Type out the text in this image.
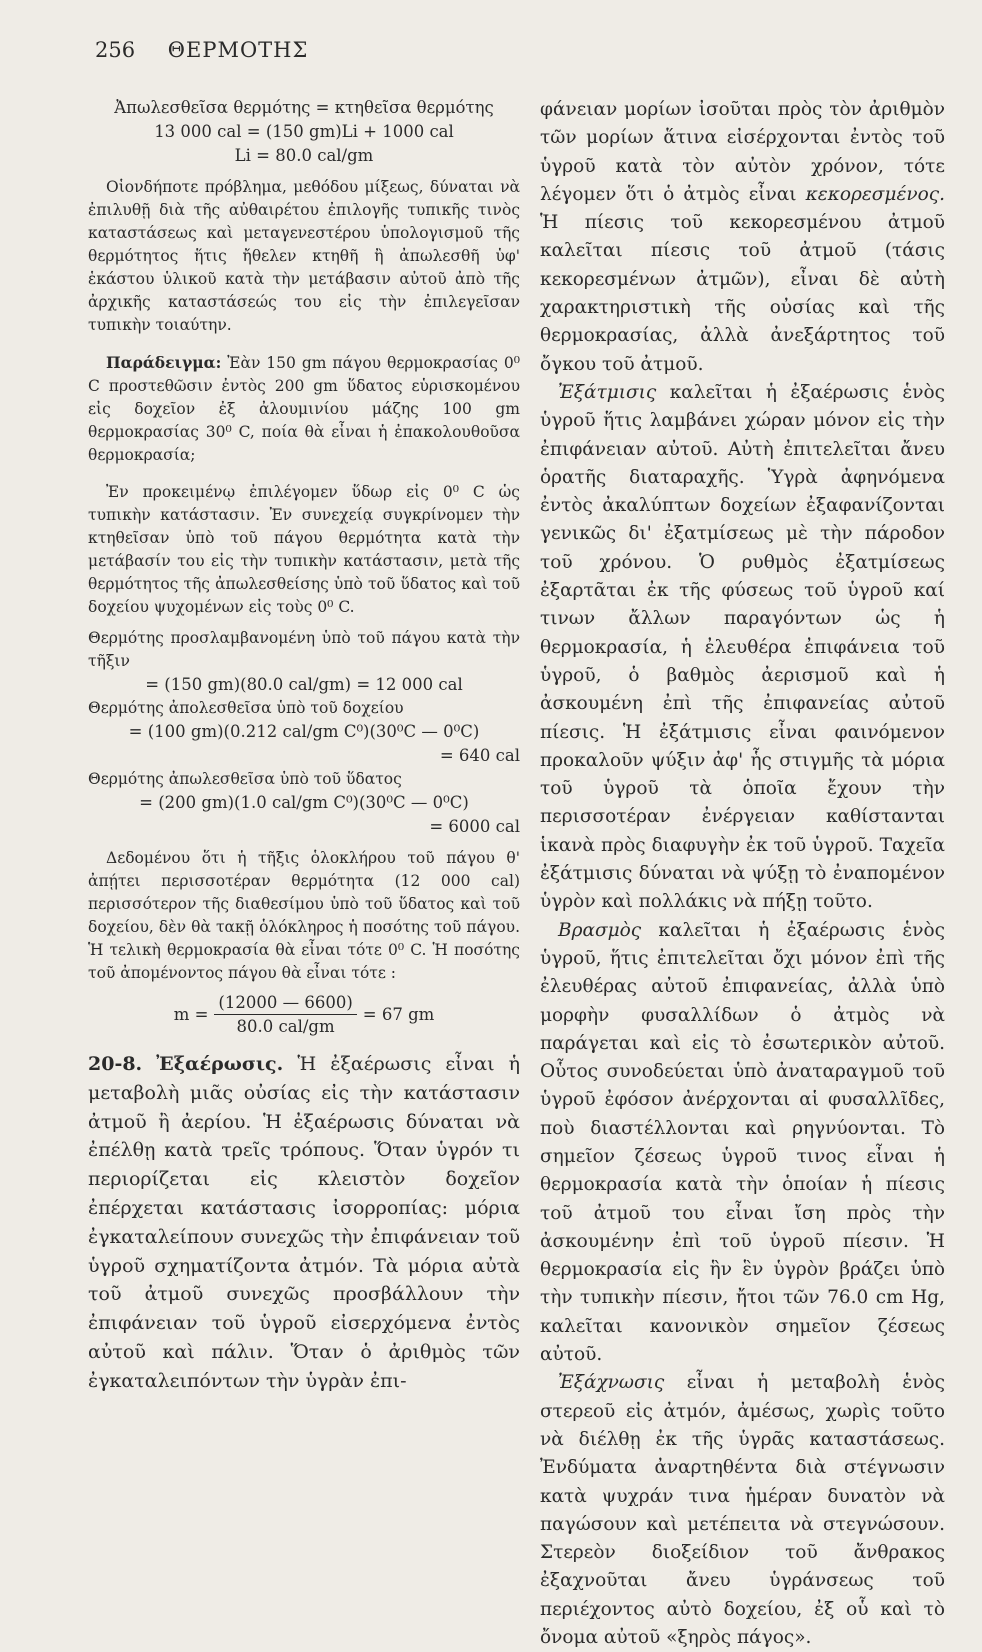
256 ΘΕΡΜΟΤΗΣ

Ἀπωλεσθεῖσα θερμότης = κτηθεῖσα θερμότης

13 000 cal = (150 gm)Li + 1000 cal

Li = 80.0 cal/gm

Οἱονδήποτε πρόβλημα, μεθόδου μίξεως, δύναται νὰ ἐπιλυθῇ διὰ τῆς αὐθαιρέτου ἐπιλογῆς τυπικῆς τινὸς καταστάσεως καὶ μεταγενεστέρου ὑπολογισμοῦ τῆς θερμότητος ἥτις ἤθελεν κτηθῆ ἢ ἀπωλεσθῆ ὑφ' ἑκάστου ὑλικοῦ κατὰ τὴν μετάβασιν αὐτοῦ ἀπὸ τῆς ἀρχικῆς καταστάσεώς του εἰς τὴν ἐπιλεγεῖσαν τυπικὴν τοιαύτην.

Παράδειγμα: Ἐὰν 150 gm πάγου θερμοκρασίας 0⁰ C προστεθῶσιν ἐντὸς 200 gm ὕδατος εὑρισκομένου εἰς δοχεῖον ἐξ ἀλουμινίου μάζης 100 gm θερμοκρασίας 30⁰ C, ποία θὰ εἶναι ἡ ἐπακολουθοῦσα θερμοκρασία;

Ἐν προκειμένῳ ἐπιλέγομεν ὕδωρ εἰς 0⁰ C ὡς τυπικὴν κατάστασιν. Ἐν συνεχείᾳ συγκρίνομεν τὴν κτηθεῖσαν ὑπὸ τοῦ πάγου θερμότητα κατὰ τὴν μετάβασίν του εἰς τὴν τυπικὴν κατάστασιν, μετὰ τῆς θερμότητος τῆς ἀπωλεσθείσης ὑπὸ τοῦ ὕδατος καὶ τοῦ δοχείου ψυχομένων εἰς τοὺς 0⁰ C.

Θερμότης προσλαμβανομένη ὑπὸ τοῦ πάγου κατὰ τὴν τῆξιν

= (150 gm)(80.0 cal/gm) = 12 000 cal

Θερμότης ἀπολεσθεῖσα ὑπὸ τοῦ δοχείου

= (100 gm)(0.212 cal/gm C⁰)(30⁰C — 0⁰C)

= 640 cal

Θερμότης ἀπωλεσθεῖσα ὑπὸ τοῦ ὕδατος

= (200 gm)(1.0 cal/gm C⁰)(30⁰C — 0⁰C)

= 6000 cal

Δεδομένου ὅτι ἡ τῆξις ὁλοκλήρου τοῦ πάγου θ' ἀπῄτει περισσοτέραν θερμότητα (12 000 cal) περισσότερον τῆς διαθεσίμου ὑπὸ τοῦ ὕδατος καὶ τοῦ δοχείου, δὲν θὰ τακῇ ὁλόκληρος ἡ ποσότης τοῦ πάγου. Ἡ τελικὴ θερμοκρασία θὰ εἶναι τότε 0⁰ C. Ἡ ποσότης τοῦ ἀπομένοντος πάγου θὰ εἶναι τότε :

$m = \frac{(12000 — 6600)}{\text{80.0 cal/gm}} = 67$ gm

20-8. Ἐξαέρωσις. Ἡ ἐξαέρωσις εἶναι ἡ μεταβολὴ μιᾶς οὐσίας εἰς τὴν κατάστασιν ἀτμοῦ ἢ ἀερίου. Ἡ ἐξαέρωσις δύναται νὰ ἐπέλθῃ κατὰ τρεῖς τρόπους. Ὅταν ὑγρόν τι περιορίζεται εἰς κλειστὸν δοχεῖον ἐπέρχεται κατάστασις ἰσορροπίας: μόρια ἐγκαταλείπουν συνεχῶς τὴν ἐπιφάνειαν τοῦ ὑγροῦ σχηματίζοντα ἀτμόν. Τὰ μόρια αὐτὰ τοῦ ἀτμοῦ συνεχῶς προσβάλλουν τὴν ἐπιφάνειαν τοῦ ὑγροῦ εἰσερχόμενα ἐντὸς αὐτοῦ καὶ πάλιν. Ὅταν ὁ ἀριθμὸς τῶν ἐγκαταλειπόντων τὴν ὑγρὰν ἐπι-

φάνειαν μορίων ἰσοῦται πρὸς τὸν ἀριθμὸν τῶν μορίων ἅτινα εἰσέρχονται ἐντὸς τοῦ ὑγροῦ κατὰ τὸν αὐτὸν χρόνον, τότε λέγομεν ὅτι ὁ ἀτμὸς εἶναι κεκορεσμένος. Ἡ πίεσις τοῦ κεκορεσμένου ἀτμοῦ καλεῖται πίεσις τοῦ ἀτμοῦ (τάσις κεκορεσμένων ἀτμῶν), εἶναι δὲ αὐτὴ χαρακτηριστικὴ τῆς οὐσίας καὶ τῆς θερμοκρασίας, ἀλλὰ ἀνεξάρτητος τοῦ ὄγκου τοῦ ἀτμοῦ.

Ἐξάτμισις καλεῖται ἡ ἐξαέρωσις ἑνὸς ὑγροῦ ἥτις λαμβάνει χώραν μόνον εἰς τὴν ἐπιφάνειαν αὐτοῦ. Αὐτὴ ἐπιτελεῖται ἄνευ ὁρατῆς διαταραχῆς. Ὑγρὰ ἀφηνόμενα ἐντὸς ἀκαλύπτων δοχείων ἐξαφανίζονται γενικῶς δι' ἐξατμίσεως μὲ τὴν πάροδον τοῦ χρόνου. Ὁ ρυθμὸς ἐξατμίσεως ἐξαρτᾶται ἐκ τῆς φύσεως τοῦ ὑγροῦ καί τινων ἄλλων παραγόντων ὡς ἡ θερμοκρασία, ἡ ἐλευθέρα ἐπιφάνεια τοῦ ὑγροῦ, ὁ βαθμὸς ἀερισμοῦ καὶ ἡ ἀσκουμένη ἐπὶ τῆς ἐπιφανείας αὐτοῦ πίεσις. Ἡ ἐξάτμισις εἶναι φαινόμενον προκαλοῦν ψύξιν ἀφ' ἧς στιγμῆς τὰ μόρια τοῦ ὑγροῦ τὰ ὁποῖα ἔχουν τὴν περισσοτέραν ἐνέργειαν καθίστανται ἱκανὰ πρὸς διαφυγὴν ἐκ τοῦ ὑγροῦ. Ταχεῖα ἐξάτμισις δύναται νὰ ψύξῃ τὸ ἐναπομένον ὑγρὸν καὶ πολλάκις νὰ πήξῃ τοῦτο.

Βρασμὸς καλεῖται ἡ ἐξαέρωσις ἑνὸς ὑγροῦ, ἥτις ἐπιτελεῖται ὄχι μόνον ἐπὶ τῆς ἐλευθέρας αὐτοῦ ἐπιφανείας, ἀλλὰ ὑπὸ μορφὴν φυσαλλίδων ὁ ἀτμὸς νὰ παράγεται καὶ εἰς τὸ ἐσωτερικὸν αὐτοῦ. Οὗτος συνοδεύεται ὑπὸ ἀναταραγμοῦ τοῦ ὑγροῦ ἐφόσον ἀνέρχονται αἱ φυσαλλῖδες, ποὺ διαστέλλονται καὶ ρηγνύονται. Τὸ σημεῖον ζέσεως ὑγροῦ τινος εἶναι ἡ θερμοκρασία κατὰ τὴν ὁποίαν ἡ πίεσις τοῦ ἀτμοῦ του εἶναι ἴση πρὸς τὴν ἀσκουμένην ἐπὶ τοῦ ὑγροῦ πίεσιν. Ἡ θερμοκρασία εἰς ἣν ἓν ὑγρὸν βράζει ὑπὸ τὴν τυπικὴν πίεσιν, ἤτοι τῶν 76.0 cm Hg, καλεῖται κανονικὸν σημεῖον ζέσεως αὐτοῦ.

Ἐξάχνωσις εἶναι ἡ μεταβολὴ ἑνὸς στερεοῦ εἰς ἀτμόν, ἀμέσως, χωρὶς τοῦτο νὰ διέλθῃ ἐκ τῆς ὑγρᾶς καταστάσεως. Ἐνδύματα ἀναρτηθέντα διὰ στέγνωσιν κατὰ ψυχράν τινα ἡμέραν δυνατὸν νὰ παγώσουν καὶ μετέπειτα νὰ στεγνώσουν. Στερεὸν διοξείδιον τοῦ ἄνθρακος ἐξαχνοῦται ἄνευ ὑγράνσεως τοῦ περιέχοντος αὐτὸ δοχείου, ἐξ οὗ καὶ τὸ ὄνομα αὐτοῦ «ξηρὸς πάγος».
